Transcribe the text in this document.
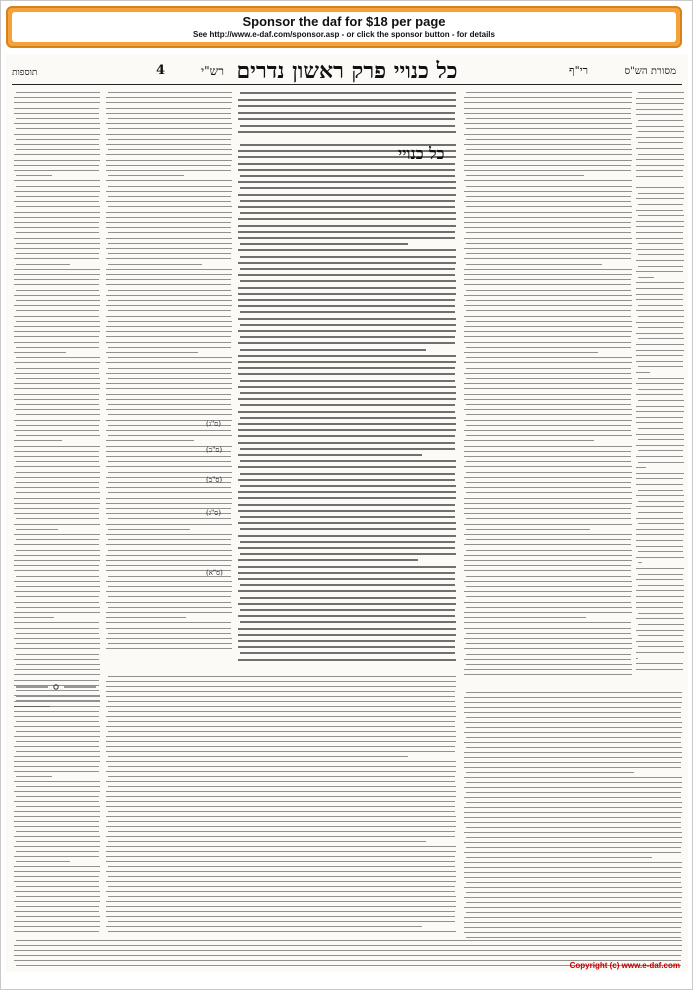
Sponsor the daf for $18 per page
See http://www.e-daf.com/sponsor.asp - or click the sponsor button - for details
מסורת הש"ס
רי"ף
כל כנויי פרק ראשון נדרים
רש"י
4
תוספות
כל כנויי
(ס"ג)
(ס"ב)
(ס"ב)
(ס"ג)
(ס"א)
Copyright (c) www.e-daf.com
